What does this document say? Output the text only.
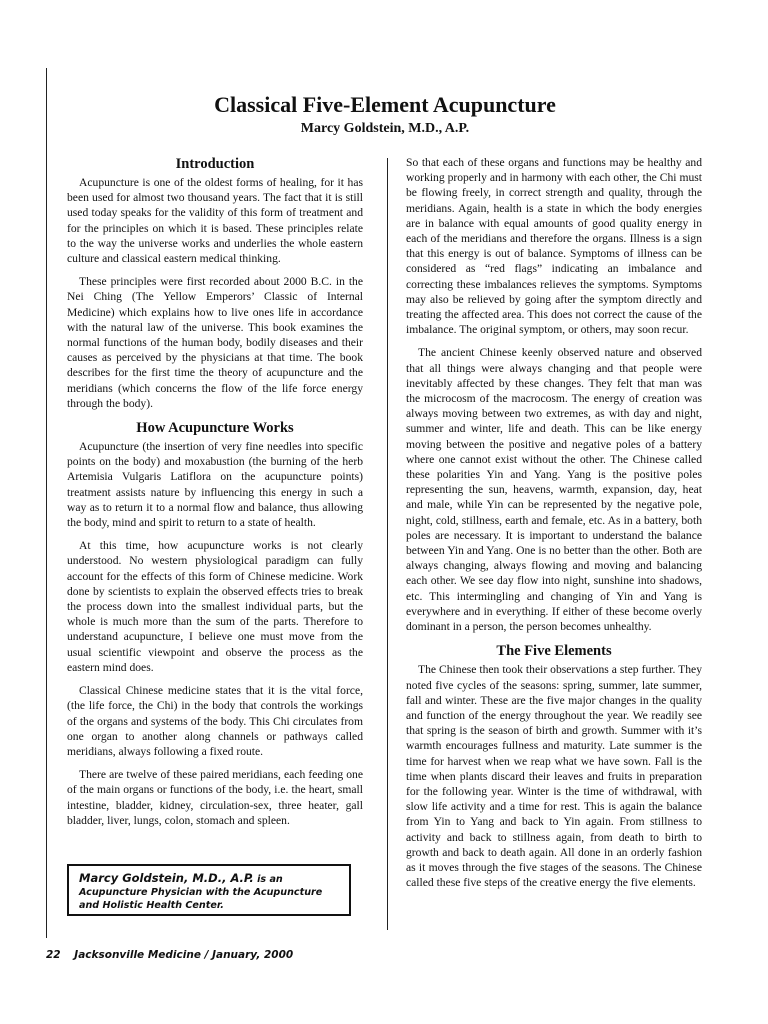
Classical Five-Element Acupuncture
Marcy Goldstein, M.D., A.P.
Introduction

Acupuncture is one of the oldest forms of healing, for it has been used for almost two thousand years. The fact that it is still used today speaks for the validity of this form of treatment and for the principles on which it is based. These principles relate to the way the universe works and underlies the whole eastern culture and classical eastern medical thinking.

These principles were first recorded about 2000 B.C. in the Nei Ching (The Yellow Emperors’ Classic of Internal Medicine) which explains how to live ones life in accordance with the natural law of the universe. This book examines the normal functions of the human body, bodily diseases and their causes as perceived by the physicians at that time. The book describes for the first time the theory of acupuncture and the meridians (which concerns the flow of the life force energy through the body).

How Acupuncture Works

Acupuncture (the insertion of very fine needles into specific points on the body) and moxabustion (the burning of the herb Artemisia Vulgaris Latiflora on the acupuncture points) treatment assists nature by influencing this energy in such a way as to return it to a normal flow and balance, thus allowing the body, mind and spirit to return to a state of health.

At this time, how acupuncture works is not clearly understood. No western physiological paradigm can fully account for the effects of this form of Chinese medicine. Work done by scientists to explain the observed effects tries to break the process down into the smallest individual parts, but the whole is much more than the sum of the parts. Therefore to understand acupuncture, I believe one must move from the usual scientific viewpoint and observe the process as the eastern mind does.

Classical Chinese medicine states that it is the vital force, (the life force, the Chi) in the body that controls the workings of the organs and systems of the body. This Chi circulates from one organ to another along channels or pathways called meridians, always following a fixed route.

There are twelve of these paired meridians, each feeding one of the main organs or functions of the body, i.e. the heart, small intestine, bladder, kidney, circulation-sex, three heater, gall bladder, liver, lungs, colon, stomach and spleen.

Marcy Goldstein, M.D., A.P. is an Acupuncture Physician with the Acupuncture and Holistic Health Center.

So that each of these organs and functions may be healthy and working properly and in harmony with each other, the Chi must be flowing freely, in correct strength and quality, through the meridians. Again, health is a state in which the body energies are in balance with equal amounts of good quality energy in each of the meridians and therefore the organs. Illness is a sign that this energy is out of balance. Symptoms of illness can be considered as “red flags” indicating an imbalance and correcting these imbalances relieves the symptoms. Symptoms may also be relieved by going after the symptom directly and treating the affected area. This does not correct the cause of the imbalance. The original symptom, or others, may soon recur.

The ancient Chinese keenly observed nature and observed that all things were always changing and that people were inevitably affected by these changes. They felt that man was the microcosm of the macrocosm. The energy of creation was always moving between two extremes, as with day and night, summer and winter, life and death. This can be like energy moving between the positive and negative poles of a battery where one cannot exist without the other. The Chinese called these polarities Yin and Yang. Yang is the positive poles representing the sun, heavens, warmth, expansion, day, heat and male, while Yin can be represented by the negative pole, night, cold, stillness, earth and female, etc. As in a battery, both poles are necessary. It is important to understand the balance between Yin and Yang. One is no better than the other. Both are always changing, always flowing and moving and balancing each other. We see day flow into night, sunshine into shadows, etc. This intermingling and changing of Yin and Yang is everywhere and in everything. If either of these become overly dominant in a person, the person becomes unhealthy.

The Five Elements

The Chinese then took their observations a step further. They noted five cycles of the seasons: spring, summer, late summer, fall and winter. These are the five major changes in the quality and function of the energy throughout the year. We readily see that spring is the season of birth and growth. Summer with it’s warmth encourages fullness and maturity. Late summer is the time for harvest when we reap what we have sown. Fall is the time when plants discard their leaves and fruits in preparation for the following year. Winter is the time of withdrawal, with slow life activity and a time for rest. This is again the balance from Yin to Yang and back to Yin again. From stillness to activity and back to stillness again, from death to birth to growth and back to death again. All done in an orderly fashion as it moves through the five stages of the seasons. The Chinese called these five steps of the creative energy the five elements.

22 Jacksonville Medicine / January, 2000
